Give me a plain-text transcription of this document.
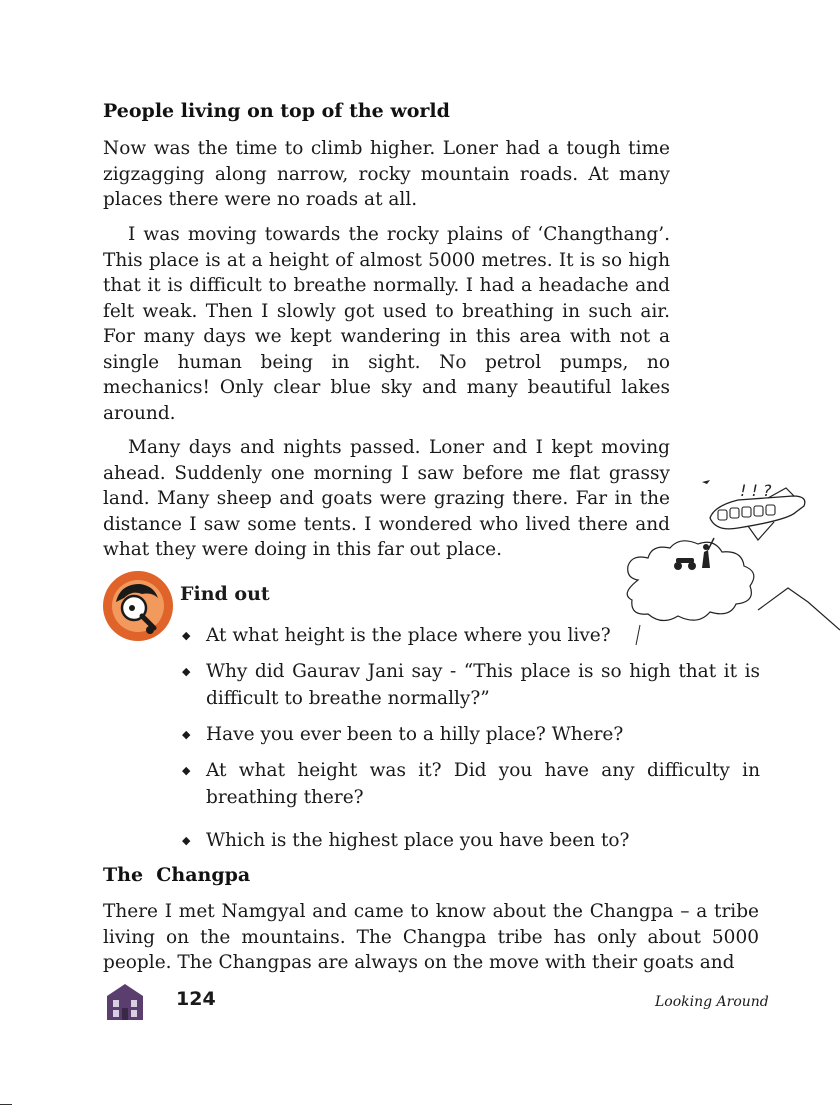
People living on top of the world

Now was the time to climb higher. Loner had a tough time zigzagging along narrow, rocky mountain roads. At many places there were no roads at all.

I was moving towards the rocky plains of ‘Changthang’. This place is at a height of almost 5000 metres. It is so high that it is difficult to breathe normally. I had a headache and felt weak. Then I slowly got used to breathing in such air. For many days we kept wandering in this area with not a single human being in sight. No petrol pumps, no mechanics! Only clear blue sky and many beautiful lakes around.

Many days and nights passed. Loner and I kept moving ahead. Suddenly one morning I saw before me flat grassy land. Many sheep and goats were grazing there. Far in the distance I saw some tents. I wondered who lived there and what they were doing in this far out place.

! ! ?
Find out
◆ At what height is the place where you live?
◆ Why did Gaurav Jani say - “This place is so high that it is difficult to breathe normally?”
◆ Have you ever been to a hilly place? Where?
◆ At what height was it? Did you have any difficulty in breathing there?
◆ Which is the highest place you have been to?
The  Changpa

There I met Namgyal and came to know about the Changpa – a tribe living on the mountains. The Changpa tribe has only about 5000 people. The Changpas are always on the move with their goats and

124	Looking Around
